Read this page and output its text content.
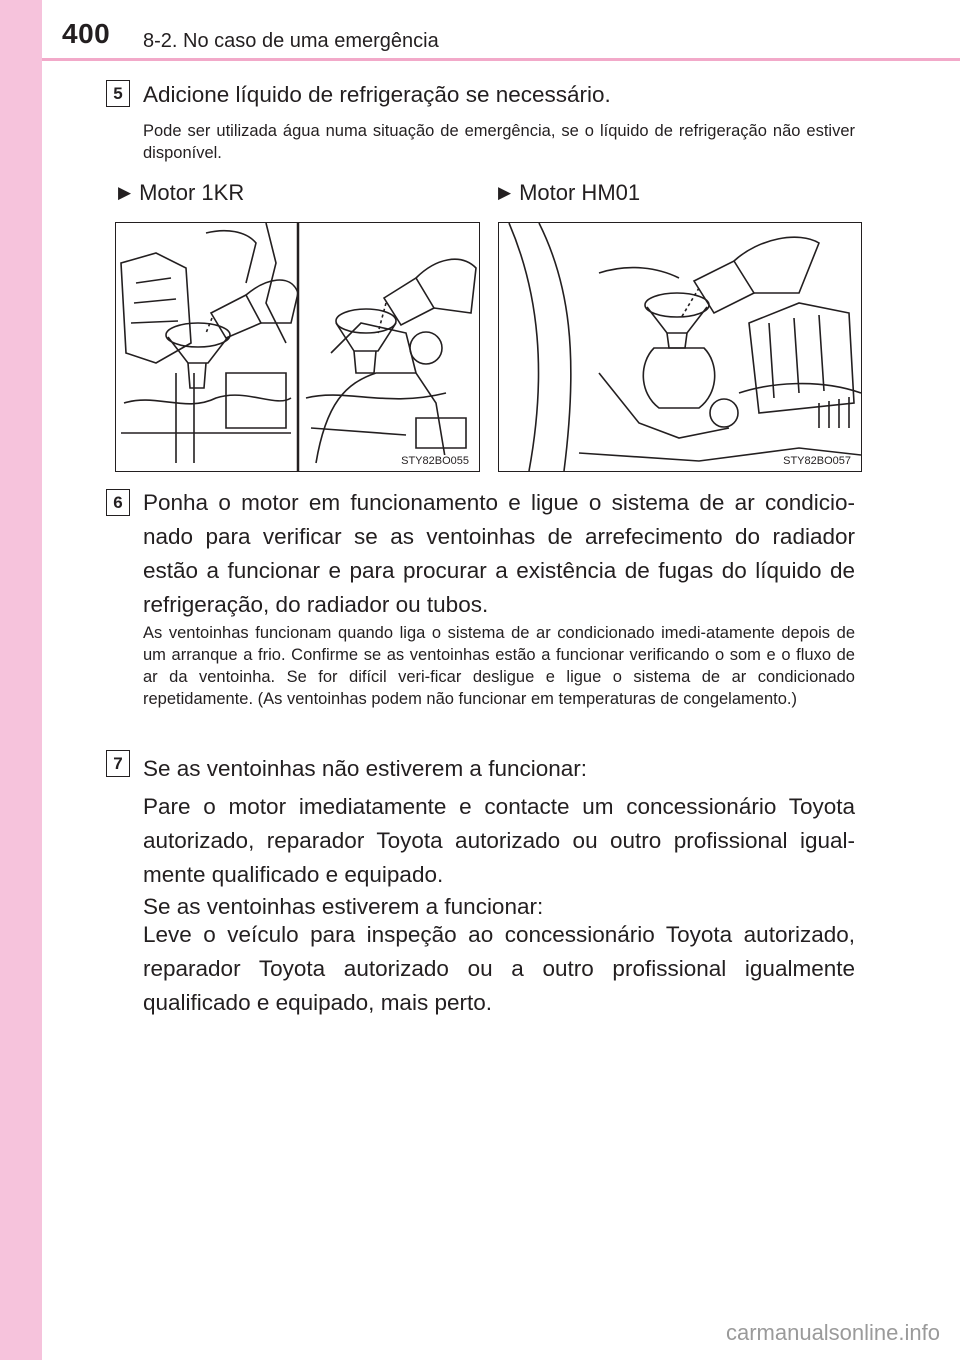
400 8-2. No caso de uma emergência
5 Adicione líquido de refrigeração se necessário.

Pode ser utilizada água numa situação de emergência, se o líquido de refrigeração não estiver disponível.

▶ Motor 1KR	▶ Motor HM01
STY82BO055	STY82BO057
6 Ponha o motor em funcionamento e ligue o sistema de ar condicio-nado para verificar se as ventoinhas de arrefecimento do radiador estão a funcionar e para procurar a existência de fugas do líquido de refrigeração, do radiador ou tubos.

As ventoinhas funcionam quando liga o sistema de ar condicionado imedi-atamente depois de um arranque a frio. Confirme se as ventoinhas estão a funcionar verificando o som e o fluxo de ar da ventoinha. Se for difícil veri-ficar desligue e ligue o sistema de ar condicionado repetidamente. (As ventoinhas podem não funcionar em temperaturas de congelamento.)

7 Se as ventoinhas não estiverem a funcionar:

Pare o motor imediatamente e contacte um concessionário Toyota autorizado, reparador Toyota autorizado ou outro profissional igual-mente qualificado e equipado.

Se as ventoinhas estiverem a funcionar:

Leve o veículo para inspeção ao concessionário Toyota autorizado, reparador Toyota autorizado ou a outro profissional igualmente qualificado e equipado, mais perto.

carmanualsonline.info
